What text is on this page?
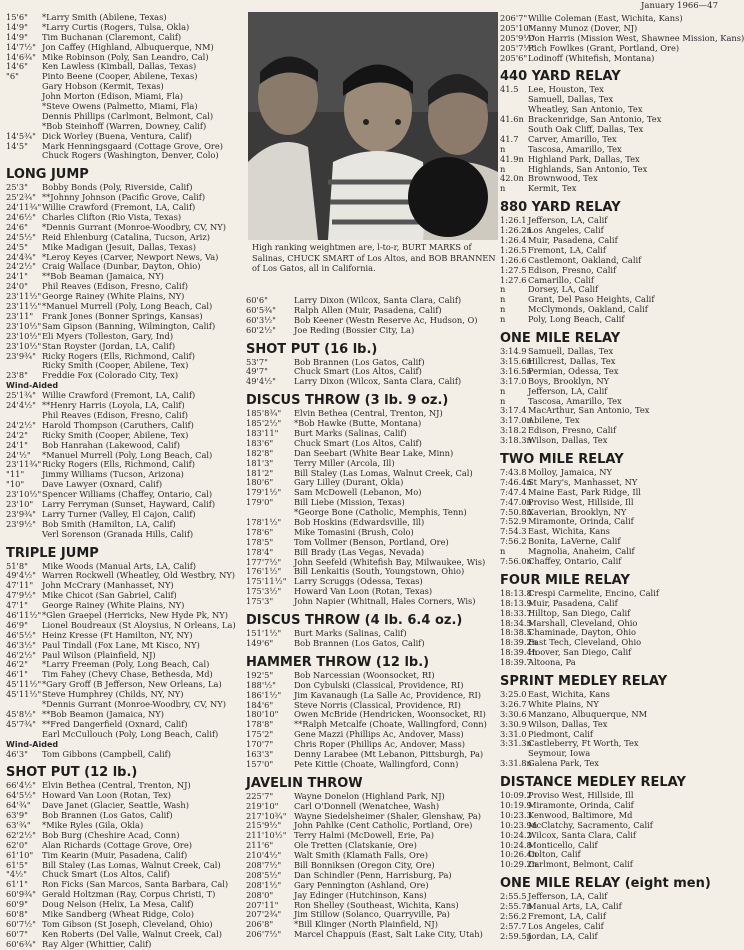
January 1966—47
15'6" *Larry Smith (Abilene, Texas)
14'9" *Larry Curtis (Rogers, Tulsa, Okla)
14'9" Tim Buchanan (Claremont, Calif)
14'7½" Jon Caffey (Highland, Albuquerque, NM)
14'6¾" Mike Robinson (Poly, San Leandro, Cal)
14'6" Ken Lawless (Kimball, Dallas, Texas)
"6"	Pinto Beene (Cooper, Abilene, Texas)
Gary Hobson (Kermit, Texas)
John Morton (Edison, Miami, Fla)
*Steve Owens (Palmetto, Miami, Fla)
Dennis Phillips (Carlmont, Belmont, Cal)
*Bob Steinhoff (Warren, Downey, Calif)
14'5¾" Dick Worley (Buena, Ventura, Calif)
14'5" Mark Henningsgaard (Cottage Grove, Ore)
Chuck Rogers (Washington, Denver, Colo)
LONG JUMP
25'3" Bobby Bonds (Poly, Riverside, Calif)
25'2¾" **Johnny Johnson (Pacific Grove, Calif)
24'11¾"Willie Crawford (Fremont, LA, Calif)
24'6½" Charles Clifton (Rio Vista, Texas)
24'6" *Dennis Gurrant (Monroe-Woodbry, CV, NY)
24'5½" Reid Ehlenburg (Catalina, Tucson, Ariz)
24'5" Mike Madigan (Jesuit, Dallas, Texas)
24'4¾" *Leroy Keyes (Carver, Newport News, Va)
24'2½" Craig Wallace (Dunbar, Dayton, Ohio)
24'1" **Bob Beaman (Jamaica, NY)
24'0" Phil Reaves (Edison, Fresno, Calif)
23'11½"George Rainey (White Plains, NY)
23'11½"*Manuel Murrell (Poly, Long Beach, Cal)
23'11" Frank Jones (Bonner Springs, Kansas)
23'10½"Sam Gipson (Banning, Wilmington, Calif)
23'10½"Eli Myers (Tolleston, Gary, Ind)
23'10½"Stan Royster (Jordan, LA, Calif)
23'9¾" Ricky Rogers (Ells, Richmond, Calif)
Ricky Smith (Cooper, Abilene, Tex)
23'8" Freddie Fox (Colorado City, Tex)
Wind-Aided
25'1¾" Willie Crawford (Fremont, LA, Calif)
24'4½" **Henry Harris (Loyola, LA, Calif)
Phil Reaves (Edison, Fresno, Calif)
24'2½" Harold Thompson (Caruthers, Calif)
24'2" Ricky Smith (Cooper, Abilene, Tex)
24'1" Bob Hanrahan (Lakewood, Calif)
24'½" *Manuel Murrell (Poly, Long Beach, Cal)
23'11¾"Ricky Rogers (Ells, Richmond, Calif)
"11" Jimmy Williams (Tucson, Arizona)
"10" Dave Lawyer (Oxnard, Calif)
23'10½"Spencer Williams (Chaffey, Ontario, Cal)
23'10" Larry Ferryman (Sunset, Hayward, Calif)
23'9¾" Larry Turner (Valley, El Cajon, Calif)
23'9½" Bob Smith (Hamilton, LA, Calif)
Verl Sorenson (Granada Hills, Calif)
TRIPLE JUMP
51'8" Mike Woods (Manual Arts, LA, Calif)
49'4½" Warren Rockwell (Wheatley, Old Westbry, NY)
47'11" John McCrary (Manhasset, NY)
47'9½" Mike Chicot (San Gabriel, Calif)
47'1" George Rainey (White Plains, NY)
46'11½"*Glen Graepel (Herricks, New Hyde Pk, NY)
46'9" Lionel Boudreaux (St Aloysius, N Orleans, La)
46'5½" Heinz Kresse (Ft Hamilton, NY, NY)
46'3½" Paul Tindall (Fox Lane, Mt Kisco, NY)
46'2½" Paul Wilson (Plainfield, NJ)
46'2" *Larry Freeman (Poly, Long Beach, Cal)
46'1" Tim Fahey (Chevy Chase, Bethesda, Md)
45'11½"*Gary Groff (B Jefferson, New Orleans, La)
45'11½"Steve Humphrey (Childs, NY, NY)
*Dennis Gurrant (Monroe-Woodbry, CV, NY)
45'8½" **Bob Beamon (Jamaica, NY)
45'7¾" **Fred Dangerfield (Oxnard, Calif)
Earl McCullouch (Poly, Long Beach, Calif)
Wind-Aided
46'3" Tom Gibbons (Campbell, Calif)
SHOT PUT (12 lb.)
66'4½" Elvin Bethea (Central, Trenton, NJ)
64'5½" Howard Van Loon (Rotan, Tex)
64'¾" Dave Janet (Glacier, Seattle, Wash)
63'9" Bob Brannen (Los Gatos, Calif)
63'¾" *Mike Ryles (Gila, Okla)
62'2½" Bob Burg (Cheshire Acad, Conn)
62'0" Alan Richards (Cottage Grove, Ore)
61'10" Tim Kearin (Muir, Pasadena, Calif)
61'5" Bill Staley (Las Lomas, Walnut Creek, Cal)
"4½" Chuck Smart (Los Altos, Calif)
61'1" Ron Ficks (San Marcos, Santa Barbara, Cal)
60'9¾" Gerald Holtzman (Ray, Corpus Christi, T)
60'9" Doug Nelson (Helix, La Mesa, Calif)
60'8" Mike Sandberg (Wheat Ridge, Colo)
60'7½" Tom Gibson (St Joseph, Cleveland, Ohio)
60'7" Ken Roberts (Del Valle, Walnut Creek, Cal)
60'6¾" Ray Alger (Whittier, Calif)
High ranking weightmen are, l-to-r, BURT MARKS of Salinas, CHUCK SMART of Los Altos, and BOB BRANNEN of Los Gatos, all in California.
60'6"	Larry Dixon (Wilcox, Santa Clara, Calif)
60'5¾" Ralph Allen (Muir, Pasadena, Calif)
60'3½" Bob Keener (Westn Reserve Ac, Hudson, O)
60'2½" Joe Reding (Bossier City, La)
SHOT PUT (16 lb.)
53'7"	Bob Brannen (Los Gatos, Calif)
49'7"	Chuck Smart (Los Altos, Calif)
49'4½" Larry Dixon (Wilcox, Santa Clara, Calif)
DISCUS THROW (3 lb. 9 oz.)
185'8¾" Elvin Bethea (Central, Trenton, NJ)
185'2½" *Bob Hawke (Butte, Montana)
183'11" Burt Marks (Salinas, Calif)
183'6"	Chuck Smart (Los Altos, Calif)
182'8"	Dan Seebart (White Bear Lake, Minn)
181'3"	Terry Miller (Arcola, Ill)
181'2"	Bill Staley (Las Lomas, Walnut Creek, Cal)
180'6"	Gary Lilley (Durant, Okla)
179'1½" Sam McDowell (Lebanon, Mo)
179'0"	Bill Liebe (Mission, Texas)
*George Bone (Catholic, Memphis, Tenn)
178'1½" Bob Hoskins (Edwardsville, Ill)
178'6"	Mike Tomasini (Brush, Colo)
178'5"	Tom Vollmer (Benson, Portland, Ore)
178'4"	Bill Brady (Las Vegas, Nevada)
177'7½" John Seefeld (Whitefish Bay, Milwaukee, Wis)
176'1½" Bill Lenkaitis (South, Youngstown, Ohio)
175'11½" Larry Scruggs (Odessa, Texas)
175'3½" Howard Van Loon (Rotan, Texas)
175'3"	John Napier (Whitnall, Hales Corners, Wis)
DISCUS THROW (4 lb. 6.4 oz.)
151'1½" Burt Marks (Salinas, Calif)
149'6"	Bob Brannen (Los Gatos, Calif)
HAMMER THROW (12 lb.)
192'5"	Bob Narcessian (Woonsocket, RI)
188'½" Don Cybulski (Classical, Providence, RI)
186'1½" Jim Kavanaugh (La Salle Ac, Providence, RI)
184'6"	Steve Norris (Classical, Providence, RI)
180'10" Owen McBride (Hendricken, Woonsocket, RI)
178'8"	**Ralph Metcalfe (Choate, Wallingford, Conn)
175'2"	Gene Mazzi (Phillips Ac, Andover, Mass)
170'7"	Chris Roper (Phillips Ac, Andover, Mass)
163'3"	Denny Larabee (Mt Lebanon, Pittsburgh, Pa)
157'0"	Pete Kittle (Choate, Wallingford, Conn)
JAVELIN THROW
225'7"	Wayne Donelon (Highland Park, NJ)
219'10" Carl O'Donnell (Wenatchee, Wash)
217'10¾" Wayne Siedelsheimer (Shaler, Glenshaw, Pa)
215'9½" John Pahlke (Cent Catholic, Portland, Ore)
211'10½" Terry Halmi (McDowell, Erie, Pa)
211'6"	Ole Tretten (Clatskanie, Ore)
210'4½" Walt Smith (Klamath Falls, Ore)
208'7½" Bill Bonniksen (Oregon City, Ore)
208'5½" Dan Schindler (Penn, Harrisburg, Pa)
208'1½" Gary Pennington (Ashland, Ore)
208'0"	Jay Edinger (Hutchinson, Kans)
207'11" Ron Shelley (Southeast, Wichita, Kans)
207'2¾" Jim Stillow (Solanco, Quarryville, Pa)
206'8"	*Bill Klinger (North Plainfield, NJ)
206'7½" Marcel Chappuis (East, Salt Lake City, Utah)
206'7"Willie Coleman (East, Wichita, Kans)
205'10"Manny Munoz (Dover, NJ)
205'9½"Don Harris (Mission West, Shawnee Mission, Kans)
205'7½"Rich Fowlkes (Grant, Portland, Ore)
205'6"Lodinoff (Whitefish, Montana)
440 YARD RELAY
41.5 Lee, Houston, Tex
Samuell, Dallas, Tex
Wheatley, San Antonio, Tex
41.6n Brackenridge, San Antonio, Tex
South Oak Cliff, Dallas, Tex
41.7 Carver, Amarillo, Tex
n	Tascosa, Amarillo, Tex
41.9n Highland Park, Dallas, Tex
n	Highlands, San Antonio, Tex
42.0n Brownwood, Tex
n	Kermit, Tex
880 YARD RELAY
1:26.1Jefferson, LA, Calif
1:26.2nLos Angeles, Calif
1:26.4Muir, Pasadena, Calif
1:26.5Fremont, LA, Calif
1:26.6Castlemont, Oakland, Calif
1:27.5Edison, Fresno, Calif
1:27.6Camarillo, Calif
n	Dorsey, LA, Calif
n	Grant, Del Paso Heights, Calif
n	McClymonds, Oakland, Calif
n	Poly, Long Beach, Calif
ONE MILE RELAY
3:14.9Samuell, Dallas, Tex
3:15.6nHillcrest, Dallas, Tex
3:16.5nPermian, Odessa, Tex
3:17.0Boys, Brooklyn, NY
n	Jefferson, LA, Calif
n	Tascosa, Amarillo, Tex
3:17.4MacArthur, San Antonio, Tex
3:17.0nAbilene, Tex
3:18.2Edison, Fresno, Calif
3:18.3nWilson, Dallas, Tex
TWO MILE RELAY
7:43.8Molloy, Jamaica, NY
7:46.4nSt Mary's, Manhasset, NY
7:47.4Maine East, Park Ridge, Ill
7:47.0nProviso West, Hillside, Ill
7:50.8nXaverian, Brooklyn, NY
7:52.9Miramonte, Orinda, Calif
7:54.3East, Wichita, Kans
7:56.2Bonita, LaVerne, Calif
n	Magnolia, Anaheim, Calif
7:56.0nChaffey, Ontario, Calif
FOUR MILE RELAY
18:13.8Crespi Carmelite, Encino, Calif
18:13.9Muir, Pasadena, Calif
18:33.7Hilltop, San Diego, Calif
18:34.5Marshall, Cleveland, Ohio
18:38.5Chaminade, Dayton, Ohio
18:39.2nEast Tech, Cleveland, Ohio
18:39.4nHoover, San Diego, Calif
18:39.7Altoona, Pa
SPRINT MEDLEY RELAY
3:25.0East, Wichita, Kans
3:26.7White Plains, NY
3:30.6Manzano, Albuquerque, NM
3:30.9Wilson, Dallas, Tex
3:31.0Piedmont, Calif
3:31.3nCastleberry, Ft Worth, Tex
Seymour, Iowa
3:31.8nGalena Park, Tex
DISTANCE MEDLEY RELAY
10:09.2Proviso West, Hillside, Ill
10:19.9Miramonte, Orinda, Calif
10:23.3Kenwood, Baltimore, Md
10:23.9nMcClatchy, Sacramento, Calif
10:24.2Wilcox, Santa Clara, Calif
10:24.8Monticello, Calif
10:26.4nColton, Calif
10:29.2nCarlmont, Belmont, Calif
ONE MILE RELAY (eight men)
2:55.5Jefferson, LA, Calif
2:55.7nManual Arts, LA, Calif
2:56.2Fremont, LA, Calif
2:57.7Los Angeles, Calif
2:59.5nJordan, LA, Calif
